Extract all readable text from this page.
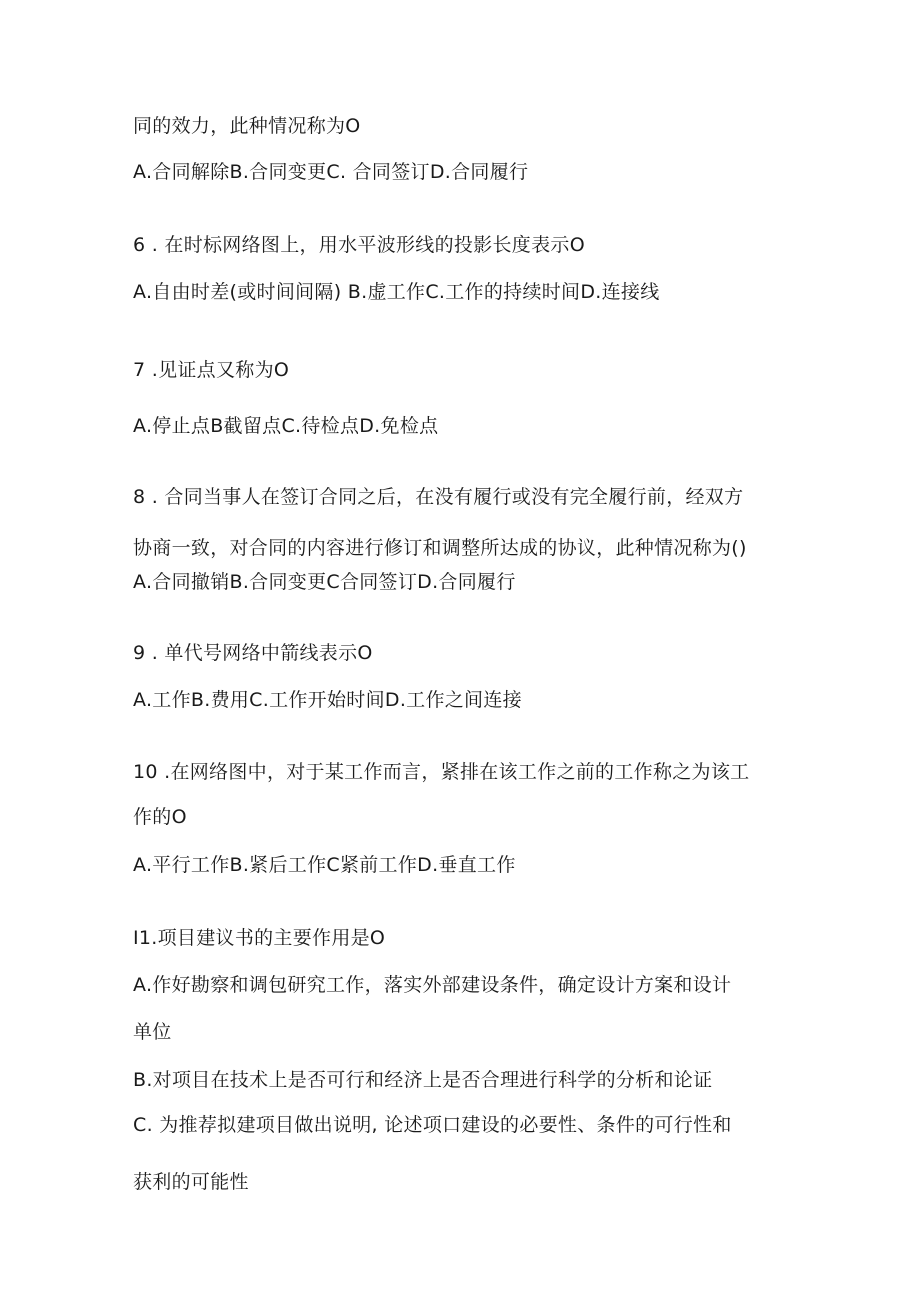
同的效力，此种情况称为O
A.合同解除B.合同变更C. 合同签订D.合同履行
6 . 在时标网络图上，用水平波形线的投影长度表示O
A.自由时差(或时间间隔) B.虚工作C.工作的持续时间D.连接线
7 .见证点又称为O
A.停止点B截留点C.待检点D.免检点
8 . 合同当事人在签订合同之后，在没有履行或没有完全履行前，经双方
协商一致，对合同的内容进行修订和调整所达成的协议，此种情况称为()
A.合同撤销B.合同变更C合同签订D.合同履行
9 . 单代号网络中箭线表示O
A.工作B.费用C.工作开始时间D.工作之间连接
10 .在网络图中，对于某工作而言，紧排在该工作之前的工作称之为该工
作的O
A.平行工作B.紧后工作C紧前工作D.垂直工作
I1.项目建议书的主要作用是O
A.作好勘察和调包研究工作，落实外部建设条件，确定设计方案和设计
单位
B.对项目在技术上是否可行和经济上是否合理进行科学的分析和论证
C. 为推荐拟建项目做出说明, 论述项口建设的必要性、条件的可行性和
获利的可能性
